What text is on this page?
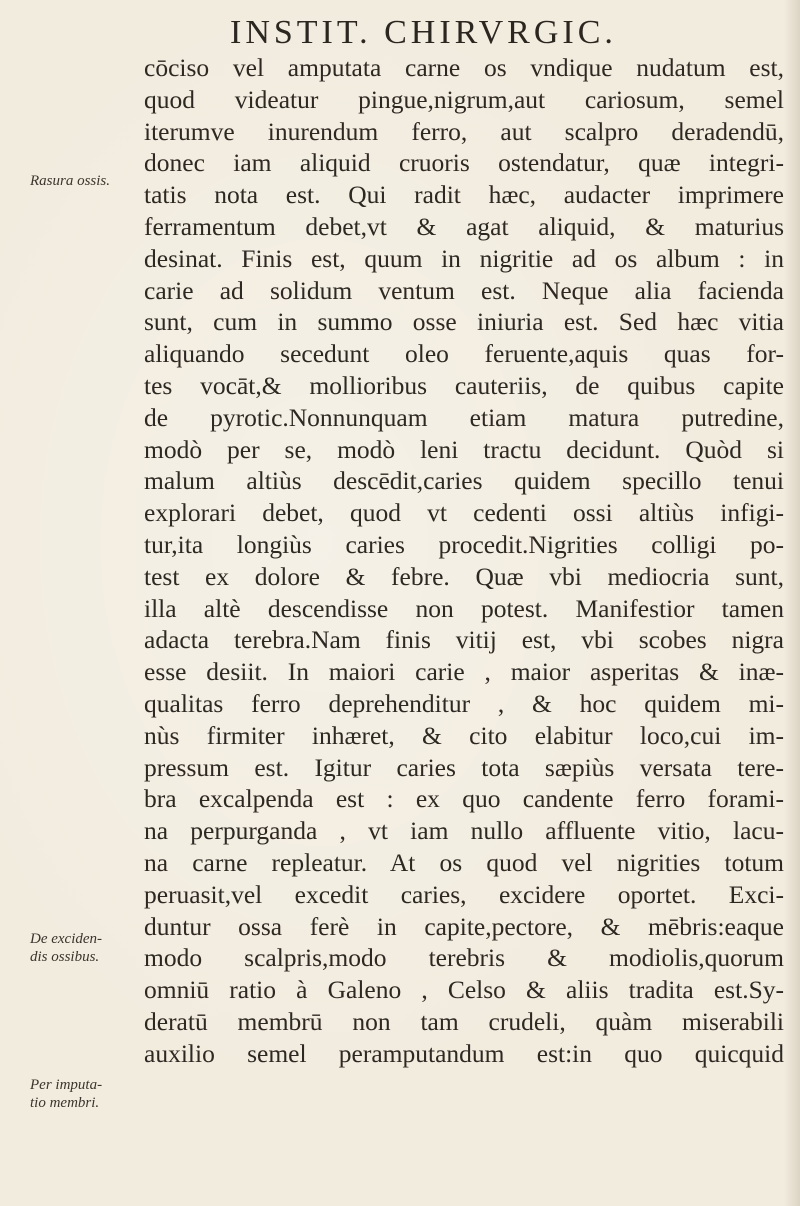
INSTIT. CHIRVRGIC.
Rasura ossis.
De exciden-
dis ossibus.
Per imputa-
tio membri.
cōciso vel amputata carne os vndique nudatum est,
quod videatur pingue,nigrum,aut cariosum, semel
iterumve inurendum ferro, aut scalpro deradendū,
donec iam aliquid cruoris ostendatur, quæ integri-
tatis nota est. Qui radit hæc, audacter imprimere
ferramentum debet,vt & agat aliquid, & maturius
desinat. Finis est, quum in nigritie ad os album : in
carie ad solidum ventum est. Neque alia facienda
sunt, cum in summo osse iniuria est. Sed hæc vitia
aliquando secedunt oleo feruente,aquis quas for-
tes vocāt,& mollioribus cauteriis, de quibus capite
de pyrotic.Nonnunquam etiam matura putredine,
modò per se, modò leni tractu decidunt. Quòd si
malum altiùs descēdit,caries quidem specillo tenui
explorari debet, quod vt cedenti ossi altiùs infigi-
tur,ita longiùs caries procedit.Nigrities colligi po-
test ex dolore & febre. Quæ vbi mediocria sunt,
illa altè descendisse non potest. Manifestior tamen
adacta terebra.Nam finis vitij est, vbi scobes nigra
esse desiit. In maiori carie , maior asperitas & inæ-
qualitas ferro deprehenditur , & hoc quidem mi-
nùs firmiter inhæret, & cito elabitur loco,cui im-
pressum est. Igitur caries tota sæpiùs versata tere-
bra excalpenda est : ex quo candente ferro forami-
na perpurganda , vt iam nullo affluente vitio, lacu-
na carne repleatur. At os quod vel nigrities totum
peruasit,vel excedit caries, excidere oportet. Exci-
duntur ossa ferè in capite,pectore, & mēbris:eaque
modo scalpris,modo terebris & modiolis,quorum
omniū ratio à Galeno , Celso & aliis tradita est.Sy-
deratū membrū non tam crudeli, quàm miserabili
auxilio semel peramputandum est:in quo quicquid
